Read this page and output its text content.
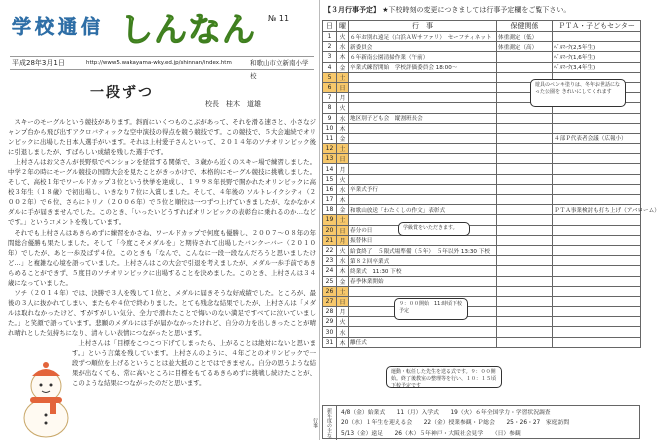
学校通信 しんなん № 11
平成28年3月1日	http://www5.wakayama-wky.ed.jp/shinnan/index.htm	和歌山市立新南小学校
一段ずつ
校長　桂木　道雄

スキーのモーグルという競技があります。斜面にいくつものこぶがあって、それを滑る速さと、小さなジャンプ台から飛び出すアクロバティックな空中演技の得点を競う競技です。この競技で、５大会連続でオリンピックに出場した日本人選手がいます。それは上村愛子さんといって、２０１４年のソチオリンピック後に引退しましたが、すばらしい成績を残した選手です。

上村さんはお父さんが長野県でペンションを経営する関係で、３歳から近くのスキー場で練習しました。中学２年の時にモーグル競技の国際大会を見たことがきっかけで、本格的にモーグル競技に挑戦しました。そして、高校１年でワールドカップ３位という快挙を達成し、１９９８年長野で開かれたオリンピックに高校３年生（１８歳）で初出場し、いきなり７位に入賞しました。そして、４年後の ソルトレイクシティ（２００２年）で６位、さらにトリノ（２００６年）で５位と順位は一つずつ上げていきましたが、なかなかメダルに手が届きませんでした。このとき、「いったいどうすればオリンピックの表彰台に乗れるのか…などです。」というコメントを残しています。

それでも上村さんはあきらめずに練習をかさね、ワールドカップで何度も優勝し、２００７〜０８年の年間総合優勝も果たしました。そして「今度こそメダルを」と期待されて出場したバンクーバー（２０１０年）でしたが、あと一歩及ばず４位。このときも「なんで、こんなに一段一段なんだろうと思いましたけど…」と複雑な心境を語っていました。上村さんはこの大会で引退を考えましたが、メダル一歩手前であきらめることができず、５度目のソチオリンピックに出場することを決めました。このとき、上村さんは３４歳になっていました。

ソチ（２０１４年）では、決勝で３人を残して１位と、メダルに届きそうな好成績でした。ところが、最後の３人に抜かれてしまい、またもや４位で終わりました。とても残念な結果でしたが、上村さんは「メダルは取れなかったけど、すがすがしい気分、全力で滑れたことで悔いのない満足ですべてに泣いていました。」と笑顔で語っています。悲願のメダルには手が届かなかったけれど、自分の力を出しきったことが晴れ晴れとした気持ちになり、清々しい表情につながったと思います。

上村さんは「目標をこつこつ下げてしまったら、上がることは絶対にないと思います。」という言葉を残しています。上村さんのように、４年ごとのオリンピックで一段ずつ順位を上げるということは並大抵のことではできません。自分の思うような結果が出なくても、常に高いところに目標をもてるあきらめずに挑戦し続けたことが、このような結果につながったのだと思います。

【３月行事予定】 ★下校時刻の変更につきましては行事予定欄をご覧下さい。
日	曜	行　事	保健関係	ＰＴＡ・子どもセンター
1	火	６年お別れ遠足（白浜ＡＷサファリ）　セーフティネット	体重測定（低）	
2	水	新委員会	体重測定（高）	ﾍﾞﾙﾏｰｸ(2,5年生)
3	木	６年新南公園清掃作業（午前）		ﾍﾞﾙﾏｰｸ(1,6年生)
4	金	卒業式練習開始　学校評価委員会 18:00～		ﾍﾞﾙﾏｰｸ(3,4年生)
5	土			
6	日			
7	月			
8	火			
9	水	地区別子ども会　縦割班長会		
10	木			
11	金			４部Ｐ代表者会議（広報小）
12	土			
13	日			
14	月			
15	火			
16	水	卒業式予行		
17	木			
18	金	和歌山放送「わたくしの作文」表彰式		ＰＴＡ事業検討も打ち上げ（アバローム）
19	土			
20	日	春分の日		
21	月	振替休日		
22	火	給食終了　５限式場準備（５年）　５年以外 13:30 下校		
23	水	第８２回卒業式		
24	木	終業式　11:30 下校		
25	金	春季休業開始		
26	土			
27	日			
28	月			
29	火			
30	水			
31	木	離任式		
遊具のペンキ塗りは、冬年お世話になった公園を きれいにしてくれます
学級賞をいただきます。
９：００開始　11:時頃下校予定
運動・転任した先生を送る式です。９：００開始。終了後教室の整理等を行い、１０：１５頃下校予定です
新年度の主な行事
4/8（金）始業式　　11（月）入学式　　19（火）６年全国学力・学習状況調査
20（水）１年生を迎える会　　22（金）授業参観・Ｐ総会　　25・26・27　家庭訪問
5/13（金）遠足　　26（木）５年神戸・大阪社会見学　　（日）参観
